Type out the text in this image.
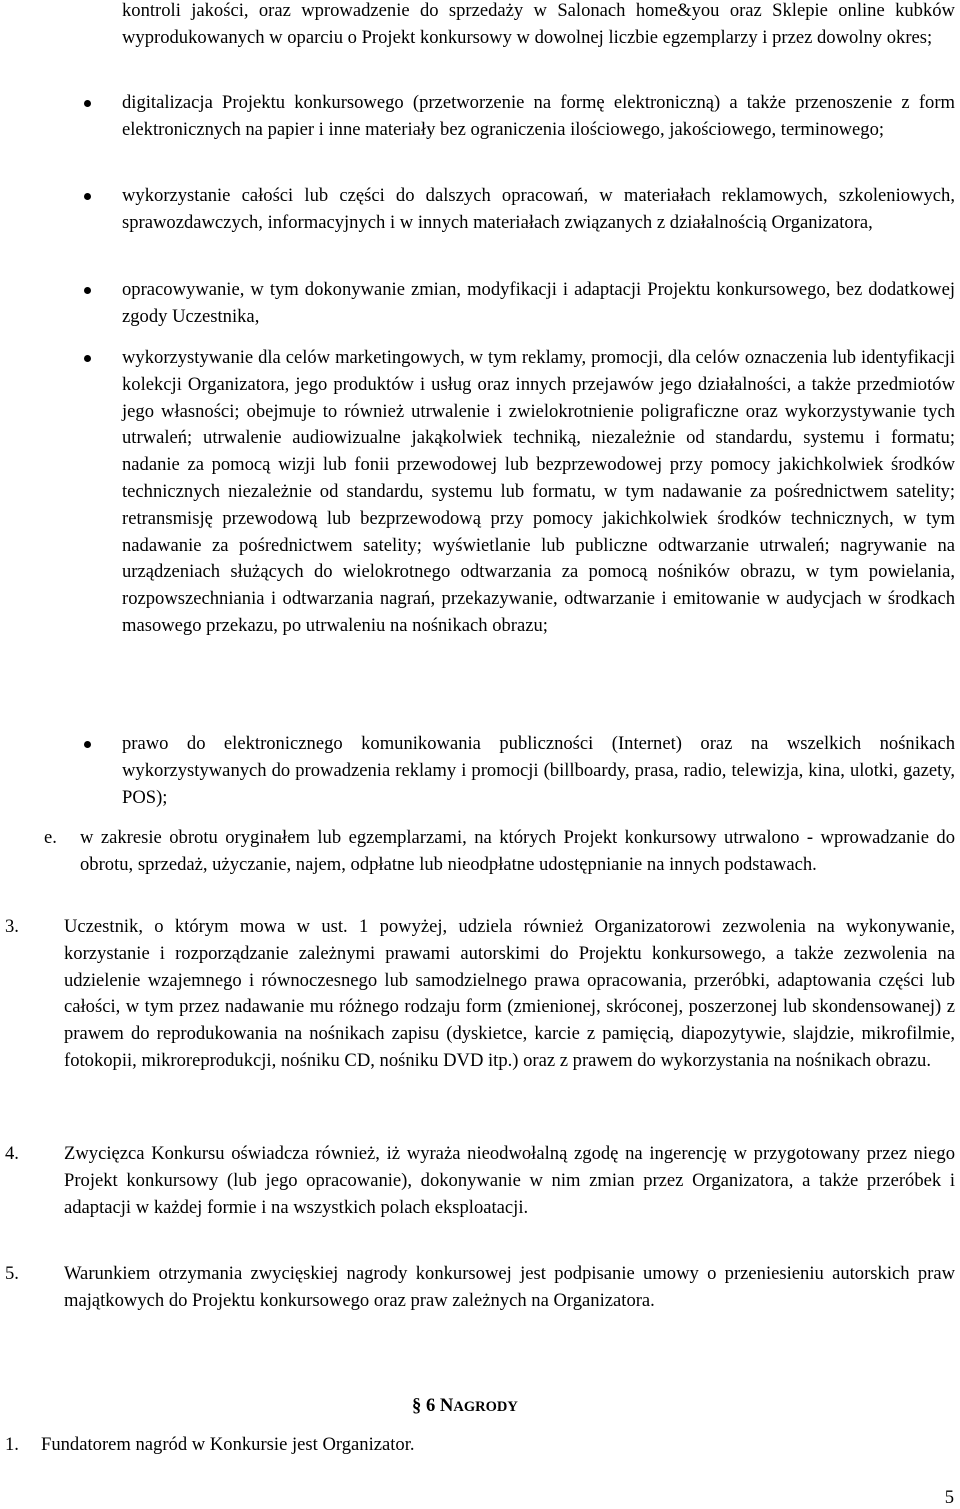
kontroli jakości, oraz wprowadzenie do sprzedaży w Salonach home&you oraz Sklepie online kubków wyprodukowanych w oparciu o Projekt konkursowy w dowolnej liczbie egzemplarzy i przez dowolny okres;

digitalizacja Projektu konkursowego (przetworzenie na formę elektroniczną) a także przenoszenie z form elektronicznych na papier i inne materiały bez ograniczenia ilościowego, jakościowego, terminowego;

wykorzystanie całości lub części do dalszych opracowań, w materiałach reklamowych, szkoleniowych, sprawozdawczych, informacyjnych i w innych materiałach związanych z działalnością Organizatora,

opracowywanie, w tym dokonywanie zmian, modyfikacji i adaptacji Projektu konkursowego, bez dodatkowej zgody Uczestnika,

wykorzystywanie dla celów marketingowych, w tym reklamy, promocji, dla celów oznaczenia lub identyfikacji kolekcji Organizatora, jego produktów i usług oraz innych przejawów jego działalności, a także przedmiotów jego własności; obejmuje to również utrwalenie i zwielokrotnienie poligraficzne oraz wykorzystywanie tych utrwaleń; utrwalenie audiowizualne jakąkolwiek techniką, niezależnie od standardu, systemu i formatu; nadanie za pomocą wizji lub fonii przewodowej lub bezprzewodowej przy pomocy jakichkolwiek środków technicznych niezależnie od standardu, systemu lub formatu, w tym nadawanie za pośrednictwem satelity; retransmisję przewodową lub bezprzewodową przy pomocy jakichkolwiek środków technicznych, w tym nadawanie za pośrednictwem satelity; wyświetlanie lub publiczne odtwarzanie utrwaleń; nagrywanie na urządzeniach służących do wielokrotnego odtwarzania za pomocą nośników obrazu, w tym powielania, rozpowszechniania i odtwarzania nagrań, przekazywanie, odtwarzanie i emitowanie w audycjach w środkach masowego przekazu, po utrwaleniu na nośnikach obrazu;

prawo do elektronicznego komunikowania publiczności (Internet) oraz na wszelkich nośnikach wykorzystywanych do prowadzenia reklamy i promocji (billboardy, prasa, radio, telewizja, kina, ulotki, gazety, POS);

e. w zakresie obrotu oryginałem lub egzemplarzami, na których Projekt konkursowy utrwalono - wprowadzanie do obrotu, sprzedaż, użyczanie, najem, odpłatne lub nieodpłatne udostępnianie na innych podstawach.

3. Uczestnik, o którym mowa w ust. 1 powyżej, udziela również Organizatorowi zezwolenia na wykonywanie, korzystanie i rozporządzanie zależnymi prawami autorskimi do Projektu konkursowego, a także zezwolenia na udzielenie wzajemnego i równoczesnego lub samodzielnego prawa opracowania, przeróbki, adaptowania części lub całości, w tym przez nadawanie mu różnego rodzaju form (zmienionej, skróconej, poszerzonej lub skondensowanej) z prawem do reprodukowania na nośnikach zapisu (dyskietce, karcie z pamięcią, diapozytywie, slajdzie, mikrofilmie, fotokopii, mikroreprodukcji, nośniku CD, nośniku DVD itp.) oraz z prawem do wykorzystania na nośnikach obrazu.

4. Zwycięzca Konkursu oświadcza również, iż wyraża nieodwołalną zgodę na ingerencję w przygotowany przez niego Projekt konkursowy (lub jego opracowanie), dokonywanie w nim zmian przez Organizatora, a także przeróbek i adaptacji w każdej formie i na wszystkich polach eksploatacji.

5. Warunkiem otrzymania zwycięskiej nagrody konkursowej jest podpisanie umowy o przeniesieniu autorskich praw majątkowych do Projektu konkursowego oraz praw zależnych na Organizatora.

§ 6 NAGRODY
1. Fundatorem nagród w Konkursie jest Organizator.

5
